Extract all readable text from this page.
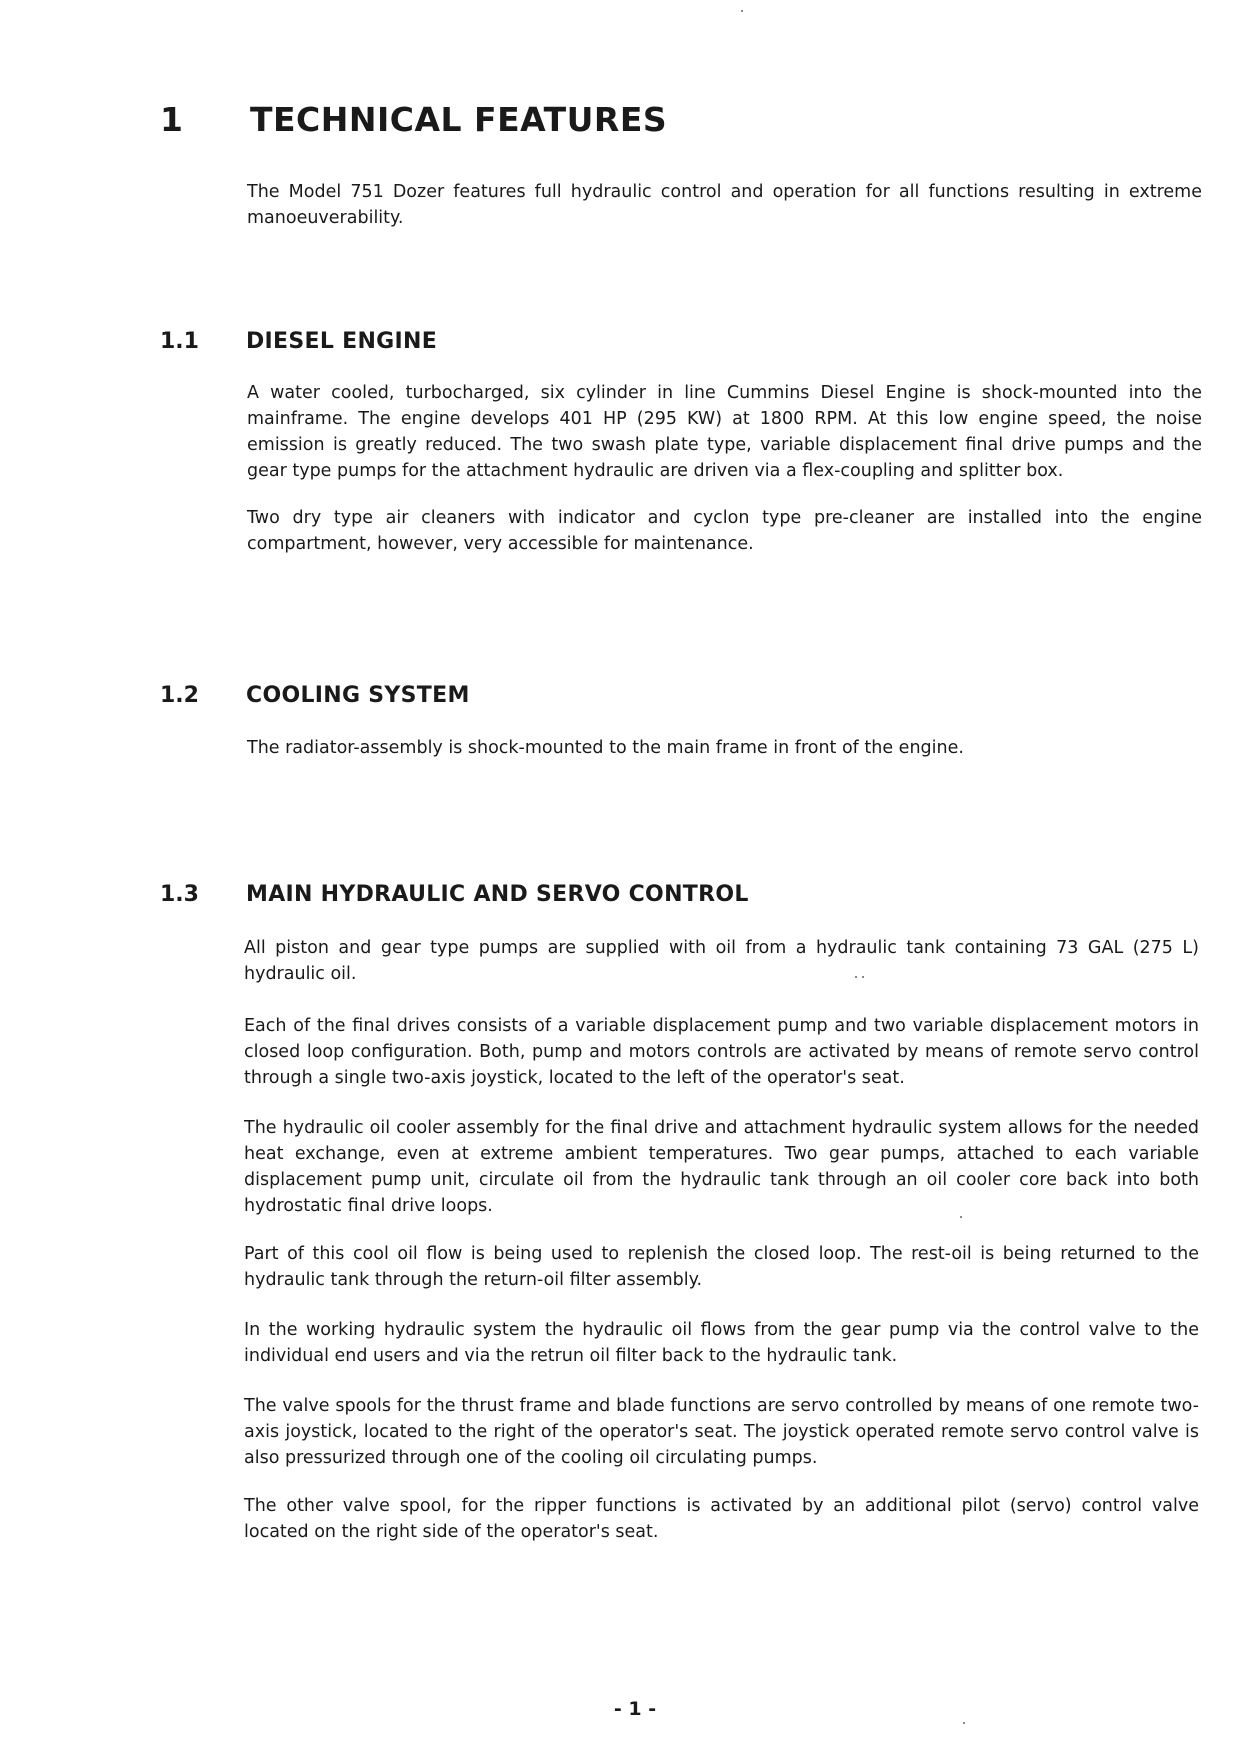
1	TECHNICAL FEATURES

The Model 751 Dozer features full hydraulic control and operation for all functions resulting in extreme manoeuverability.

1.1	DIESEL ENGINE

A water cooled, turbocharged, six cylinder in line Cummins Diesel Engine is shock-mounted into the mainframe. The engine develops 401 HP (295 KW) at 1800 RPM. At this low engine speed, the noise emission is greatly reduced. The two swash plate type, variable displacement final drive pumps and the gear type pumps for the attachment hydraulic are driven via a flex-coupling and splitter box.

Two dry type air cleaners with indicator and cyclon type pre-cleaner are installed into the engine compartment, however, very accessible for maintenance.

1.2	COOLING SYSTEM

The radiator-assembly is shock-mounted to the main frame in front of the engine.

1.3	MAIN HYDRAULIC AND SERVO CONTROL

All piston and gear type pumps are supplied with oil from a hydraulic tank containing 73 GAL (275 L) hydraulic oil.

Each of the final drives consists of a variable displacement pump and two variable displacement motors in closed loop configuration. Both, pump and motors controls are activated by means of remote servo control through a single two-axis joystick, located to the left of the operator's seat.

The hydraulic oil cooler assembly for the final drive and attachment hydraulic system allows for the needed heat exchange, even at extreme ambient temperatures. Two gear pumps, attached to each variable displacement pump unit, circulate oil from the hydraulic tank through an oil cooler core back into both hydrostatic final drive loops.

Part of this cool oil flow is being used to replenish the closed loop. The rest-oil is being returned to the hydraulic tank through the return-oil filter assembly.

In the working hydraulic system the hydraulic oil flows from the gear pump via the control valve to the individual end users and via the retrun oil filter back to the hydraulic tank.

The valve spools for the thrust frame and blade functions are servo controlled by means of one remote two-axis joystick, located to the right of the operator's seat. The joystick operated remote servo control valve is also pressurized through one of the cooling oil circulating pumps.

The other valve spool, for the ripper functions is activated by an additional pilot (servo) control valve located on the right side of the operator's seat.

- 1 -
